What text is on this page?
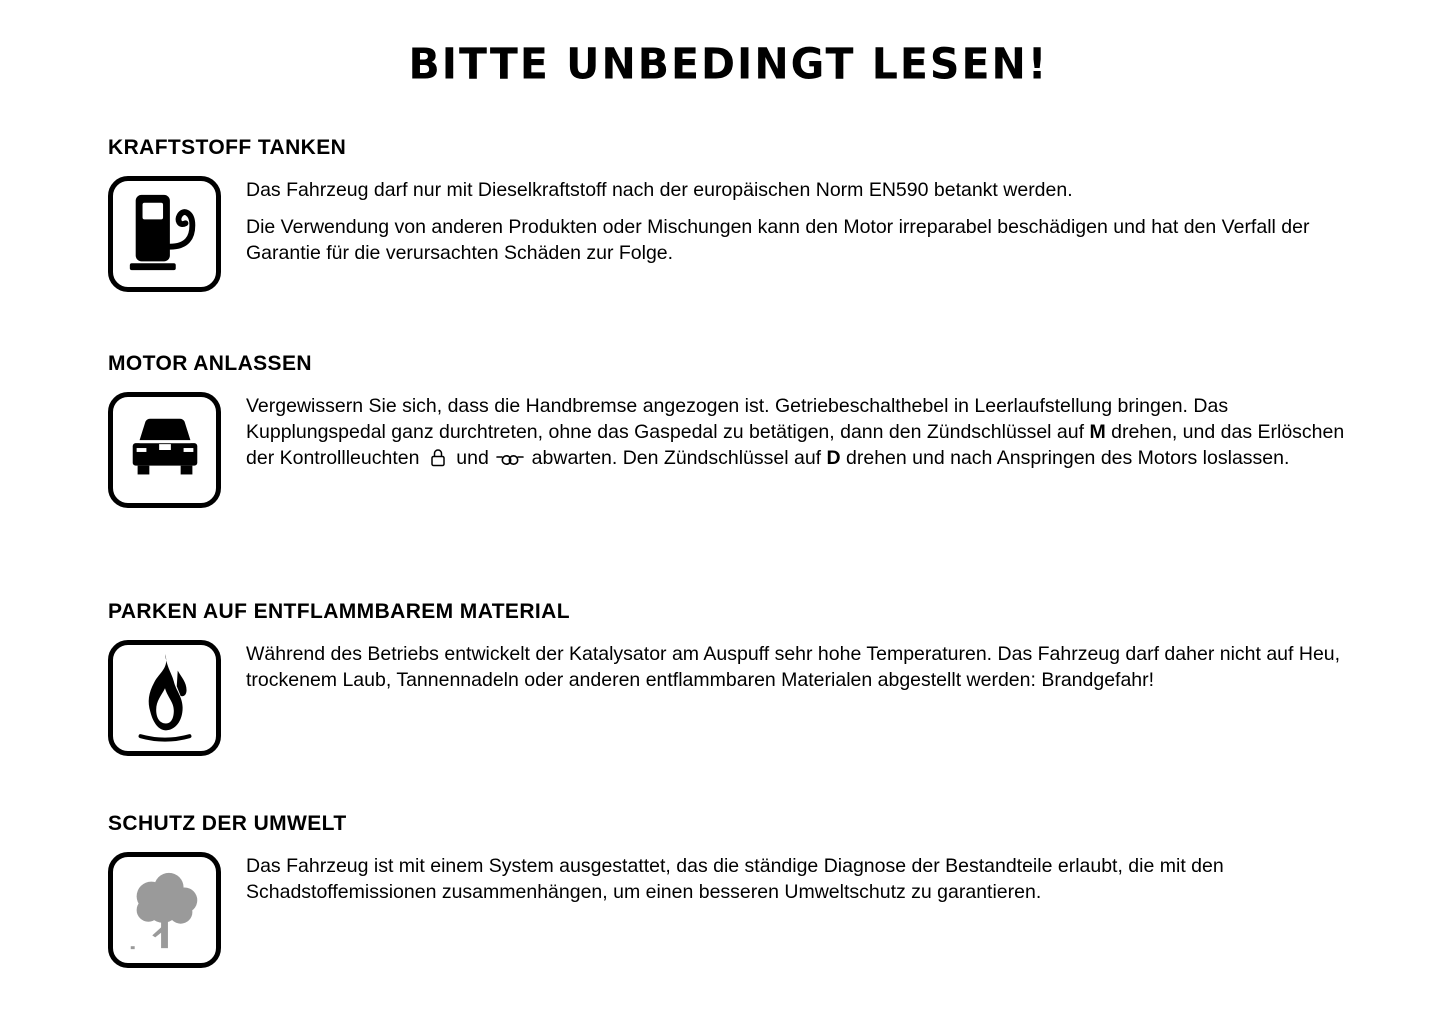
BITTE UNBEDINGT LESEN!
KRAFTSTOFF TANKEN

Das Fahrzeug darf nur mit Dieselkraftstoff nach der europäischen Norm EN590 betankt werden.

Die Verwendung von anderen Produkten oder Mischungen kann den Motor irreparabel beschädigen und hat den Verfall der Garantie für die verursachten Schäden zur Folge.

MOTOR ANLASSEN

Vergewissern Sie sich, dass die Handbremse angezogen ist. Getriebeschalthebel in Leerlaufstellung bringen. Das Kupplungspedal ganz durchtreten, ohne das Gaspedal zu betätigen, dann den Zündschlüssel auf M drehen, und das Erlöschen der Kontrollleuchten  und  abwarten. Den Zündschlüssel auf D drehen und nach Anspringen des Motors loslassen.

PARKEN AUF ENTFLAMMBAREM MATERIAL

Während des Betriebs entwickelt der Katalysator am Auspuff sehr hohe Temperaturen. Das Fahrzeug darf daher nicht auf Heu, trockenem Laub, Tannennadeln oder anderen entflammbaren Materialen abgestellt werden: Brandgefahr!

SCHUTZ DER UMWELT

Das Fahrzeug ist mit einem System ausgestattet, das die ständige Diagnose der Bestandteile erlaubt, die mit den Schadstoffemissionen zusammenhängen, um einen besseren Umweltschutz zu garantieren.
